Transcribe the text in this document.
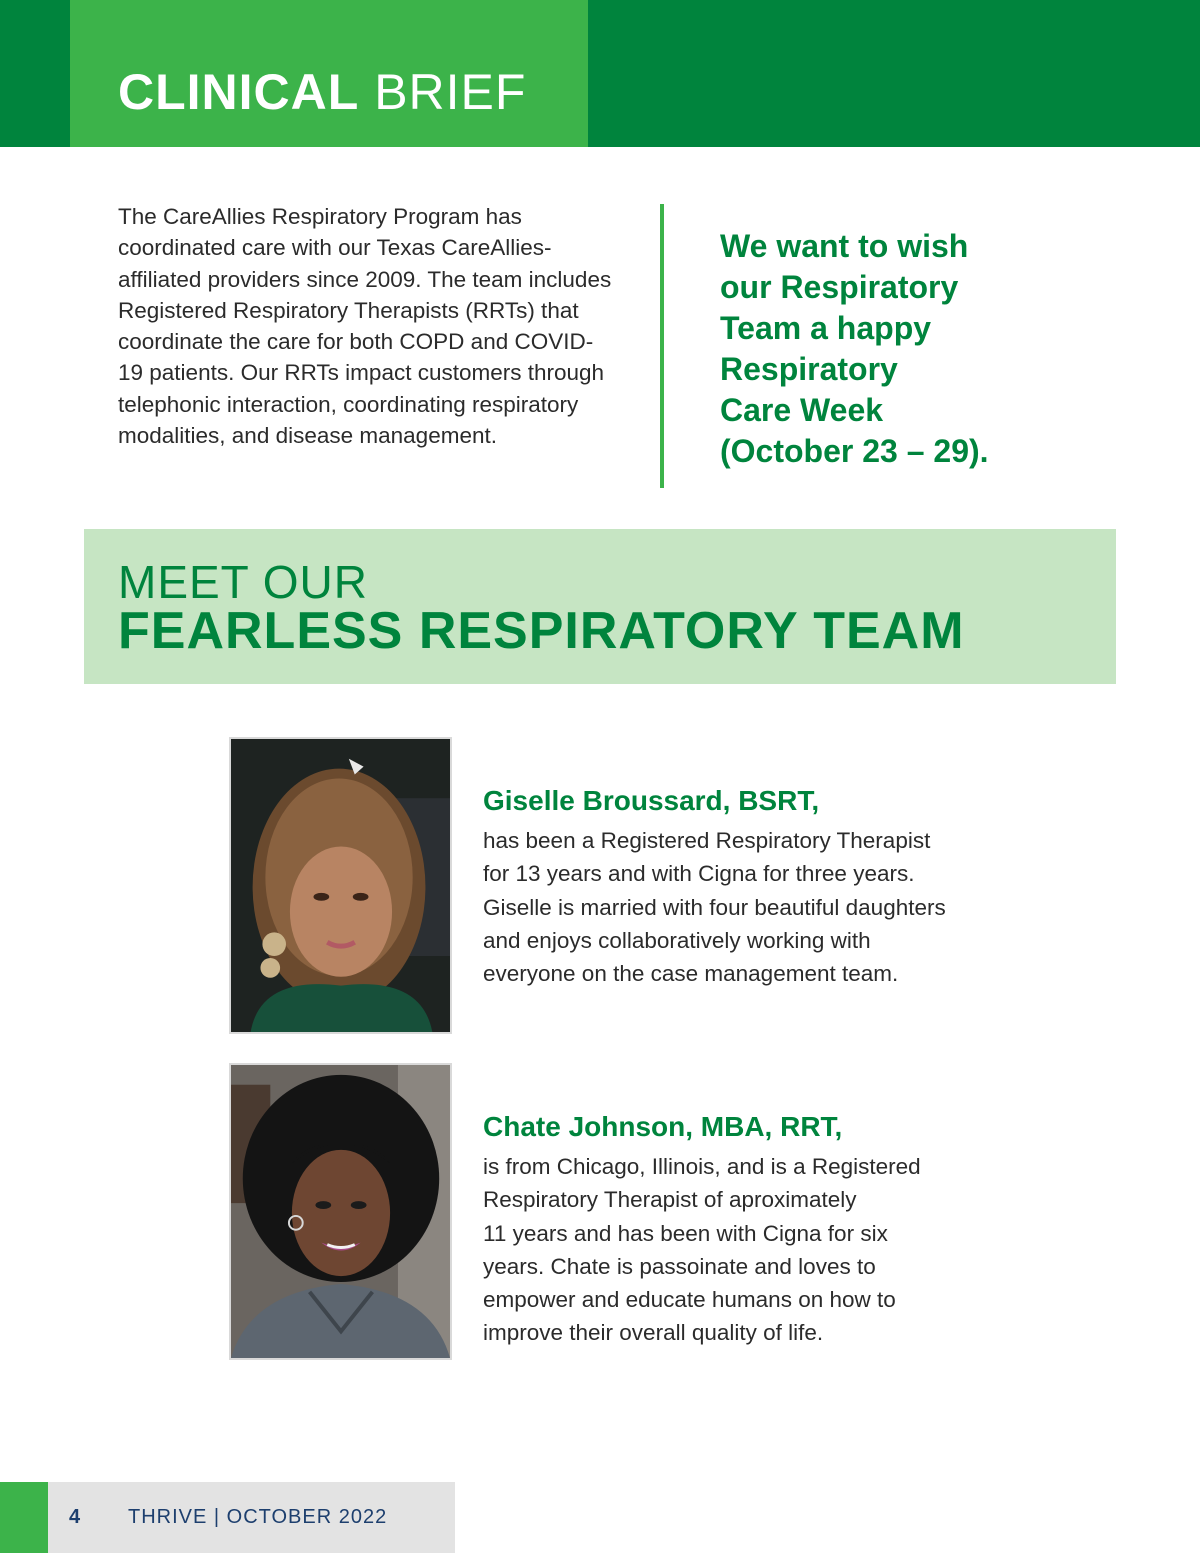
CLINICAL BRIEF

The CareAllies Respiratory Program has coordinated care with our Texas CareAllies-affiliated providers since 2009. The team includes Registered Respiratory Therapists (RRTs) that coordinate the care for both COPD and COVID-19 patients. Our RRTs impact customers through telephonic interaction, coordinating respiratory modalities, and disease management.

We want to wish
our Respiratory
Team a happy
Respiratory
Care Week
(October 23 – 29).

MEET OUR
FEARLESS RESPIRATORY TEAM
Giselle Broussard, BSRT,

has been a Registered Respiratory Therapist
for 13 years and with Cigna for three years.
Giselle is married with four beautiful daughters
and enjoys collaboratively working with
everyone on the case management team.

Chate Johnson, MBA, RRT,

is from Chicago, Illinois, and is a Registered
Respiratory Therapist of aproximately
11 years and has been with Cigna for six
years. Chate is passoinate and loves to
empower and educate humans on how to
improve their overall quality of life.

4 THRIVE | OCTOBER 2022
